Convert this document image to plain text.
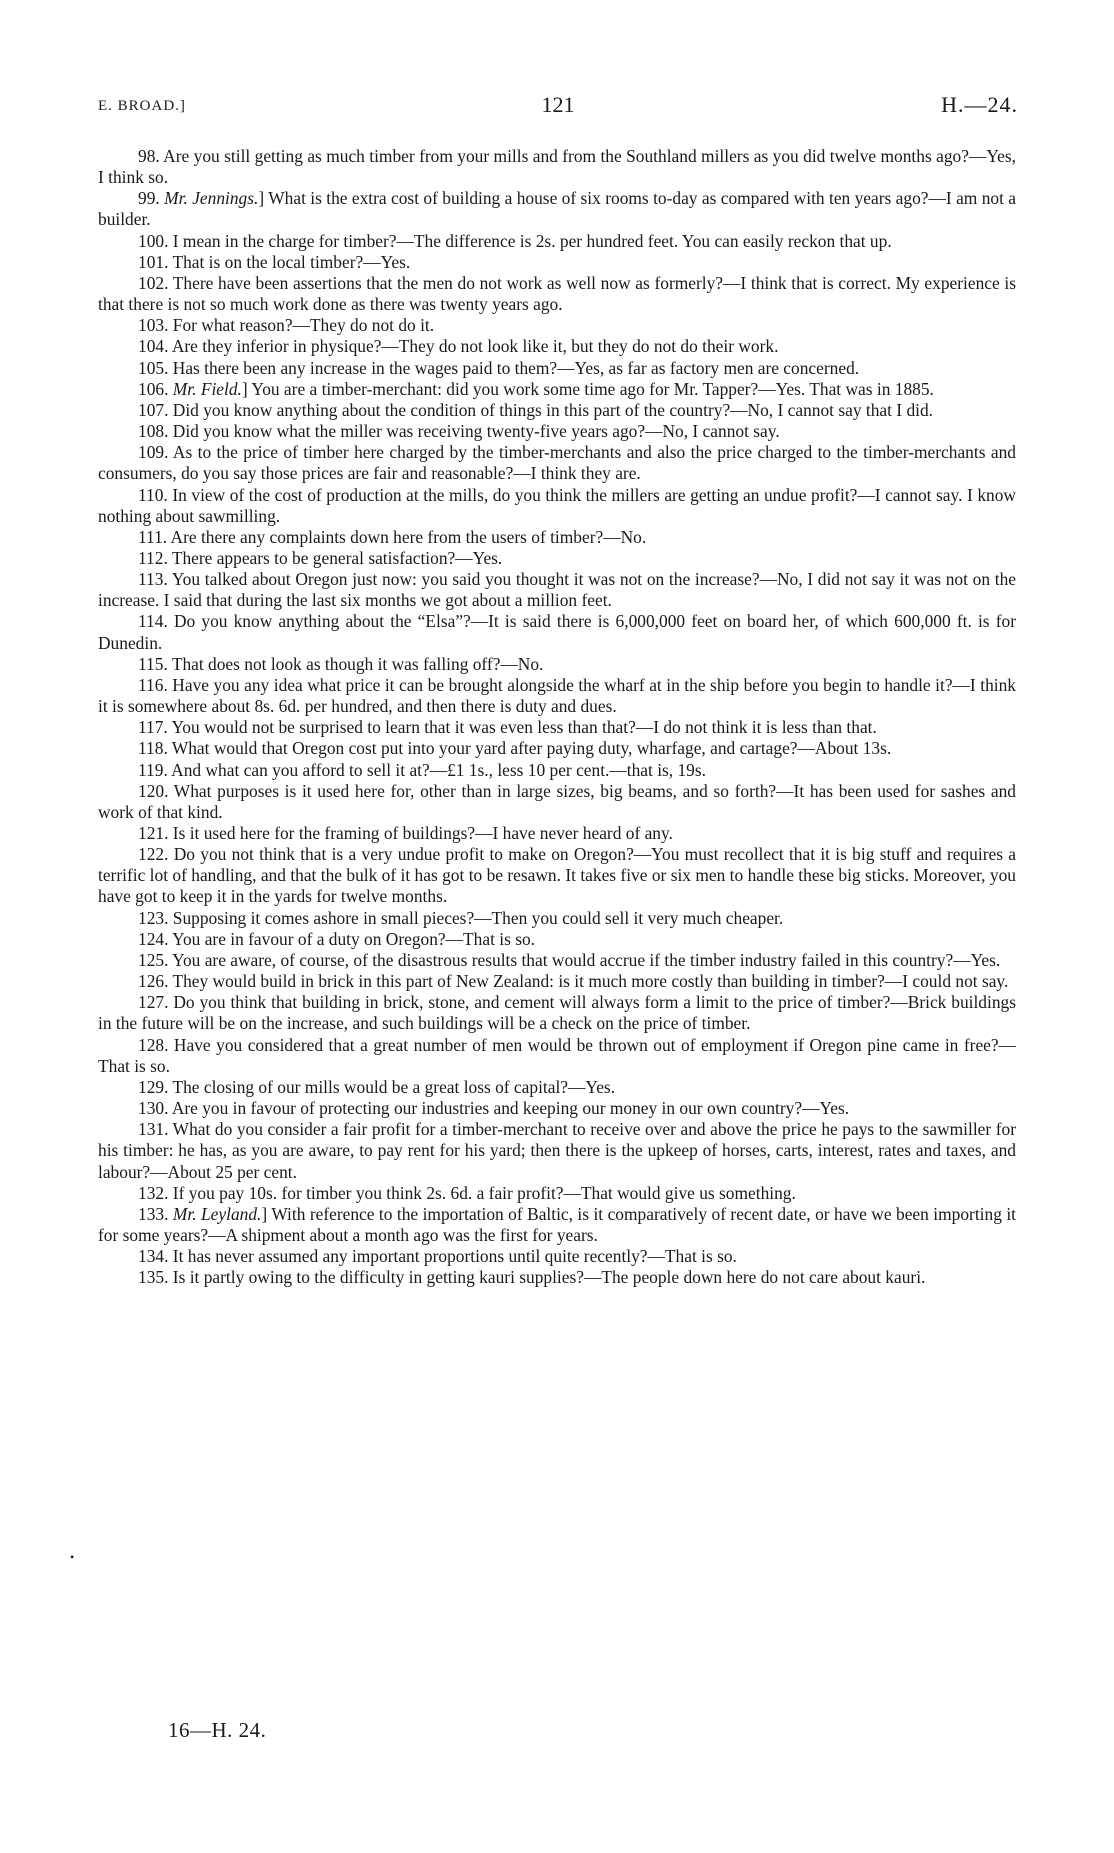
E. BROAD.]	121	H.—24.

98. Are you still getting as much timber from your mills and from the Southland millers as you did twelve months ago?—Yes, I think so.

99. Mr. Jennings.] What is the extra cost of building a house of six rooms to-day as compared with ten years ago?—I am not a builder.

100. I mean in the charge for timber?—The difference is 2s. per hundred feet. You can easily reckon that up.

101. That is on the local timber?—Yes.

102. There have been assertions that the men do not work as well now as formerly?—I think that is correct. My experience is that there is not so much work done as there was twenty years ago.

103. For what reason?—They do not do it.

104. Are they inferior in physique?—They do not look like it, but they do not do their work.

105. Has there been any increase in the wages paid to them?—Yes, as far as factory men are concerned.

106. Mr. Field.] You are a timber-merchant: did you work some time ago for Mr. Tapper?—Yes. That was in 1885.

107. Did you know anything about the condition of things in this part of the country?—No, I cannot say that I did.

108. Did you know what the miller was receiving twenty-five years ago?—No, I cannot say.

109. As to the price of timber here charged by the timber-merchants and also the price charged to the timber-merchants and consumers, do you say those prices are fair and reasonable?—I think they are.

110. In view of the cost of production at the mills, do you think the millers are getting an undue profit?—I cannot say. I know nothing about sawmilling.

111. Are there any complaints down here from the users of timber?—No.

112. There appears to be general satisfaction?—Yes.

113. You talked about Oregon just now: you said you thought it was not on the increase?—No, I did not say it was not on the increase. I said that during the last six months we got about a million feet.

114. Do you know anything about the “Elsa”?—It is said there is 6,000,000 feet on board her, of which 600,000 ft. is for Dunedin.

115. That does not look as though it was falling off?—No.

116. Have you any idea what price it can be brought alongside the wharf at in the ship before you begin to handle it?—I think it is somewhere about 8s. 6d. per hundred, and then there is duty and dues.

117. You would not be surprised to learn that it was even less than that?—I do not think it is less than that.

118. What would that Oregon cost put into your yard after paying duty, wharfage, and cartage?—About 13s.

119. And what can you afford to sell it at?—£1 1s., less 10 per cent.—that is, 19s.

120. What purposes is it used here for, other than in large sizes, big beams, and so forth?—It has been used for sashes and work of that kind.

121. Is it used here for the framing of buildings?—I have never heard of any.

122. Do you not think that is a very undue profit to make on Oregon?—You must recollect that it is big stuff and requires a terrific lot of handling, and that the bulk of it has got to be resawn. It takes five or six men to handle these big sticks. Moreover, you have got to keep it in the yards for twelve months.

123. Supposing it comes ashore in small pieces?—Then you could sell it very much cheaper.

124. You are in favour of a duty on Oregon?—That is so.

125. You are aware, of course, of the disastrous results that would accrue if the timber industry failed in this country?—Yes.

126. They would build in brick in this part of New Zealand: is it much more costly than building in timber?—I could not say.

127. Do you think that building in brick, stone, and cement will always form a limit to the price of timber?—Brick buildings in the future will be on the increase, and such buildings will be a check on the price of timber.

128. Have you considered that a great number of men would be thrown out of employment if Oregon pine came in free?—That is so.

129. The closing of our mills would be a great loss of capital?—Yes.

130. Are you in favour of protecting our industries and keeping our money in our own country?—Yes.

131. What do you consider a fair profit for a timber-merchant to receive over and above the price he pays to the sawmiller for his timber: he has, as you are aware, to pay rent for his yard; then there is the upkeep of horses, carts, interest, rates and taxes, and labour?—About 25 per cent.

132. If you pay 10s. for timber you think 2s. 6d. a fair profit?—That would give us something.

133. Mr. Leyland.] With reference to the importation of Baltic, is it comparatively of recent date, or have we been importing it for some years?—A shipment about a month ago was the first for years.

134. It has never assumed any important proportions until quite recently?—That is so.

135. Is it partly owing to the difficulty in getting kauri supplies?—The people down here do not care about kauri.

•
16—H. 24.
